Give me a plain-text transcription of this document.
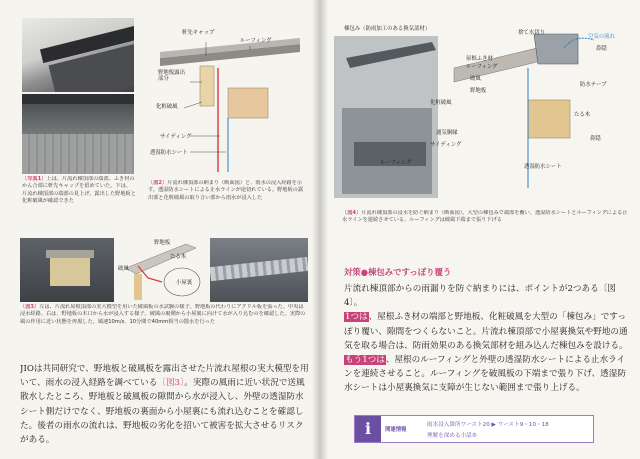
〔写真1〕上は、片流れ棟頂部の端部。ふき材のかん合部に軒先キャップを留めていた。下は、片流れ棟頂部の端部の見上げ。露出した野地板と化粧破風が確認できた
軒先キャップ
ルーフィング
野地板露出部分
化粧破風
サイディング
透湿防水シート
〔図2〕片流れ棟頂部の納まり（断面図）と、雨水の浸入経路を示す。透湿防水シートによる止水ラインが途切れている。野地板の露出部と化粧破風の取り合い部から雨水が浸入した
野地板
たる木
破風
小屋裏
〔図3〕左は、片流れ屋根頂部の実大模型を用いた破風板の水試験の様子。野地板の代わりにアクリル板を張った。中央は浸水経路。右は、野地板の木口から水が浸入する様子。破風の裏側から小屋裏に向けて水が入り込むのを確認した。実際の風の作用に近い状態を再現した。風速10m/s、10分間で40mm相当の散水を行った
JIOは共同研究で、野地板と破風板を露出させた片流れ屋根の実大模型を用いて、雨水の浸入経路を調べている〔図3〕。実際の風雨に近い状況で送風散水したところ、野地板と破風板の隙間から水が浸入し、外壁の透湿防水シート側だけでなく、野地板の裏面から小屋裏にも流れ込むことを確認した。後者の雨水の流れは、野地板の劣化を招いて被害を拡大させるリスクがある。
棟包み（防雨加工のある換気部材）
捨て水切り
空気の流れ
鼻隠
屋根ふき材
ルーフィング
破風
防水テープ
野地板
化粧破風
たる木
通気胴縁
サイディング
ルーフィング
透湿防水シート
鼻隠
〔図4〕片流れ棟頂部の浸水を防ぐ納まり（断面図）。大型の棟包みで端部を覆い、透湿防水シートとルーフィングによる止水ラインを連続させている。ルーフィングは破風下端まで張り下げる
対策●棟包みですっぽり覆う
片流れ棟頂部からの雨漏りを防ぐ納まりには、ポイントが2つある〔図4〕。
1つは、屋根ふき材の端部と野地板、化粧破風を大型の「棟包み」ですっぽり覆い、隙間をつくらないこと。片流れ棟頂部で小屋裏換気や野地の通気を取る場合は、防雨効果のある換気部材を組み込んだ棟包みを設ける。
もう1つは、屋根のルーフィングと外壁の透湿防水シートによる止水ラインを連続させること。ルーフィングを破風板の下端まで張り下げ、透湿防水シートは小屋裏換気に支障が生じない範囲まで張り上げる。
i	関連情報
雨水浸入箇所ワースト20 ▶ ワースト9・10・18
理解を深める小話⑤
